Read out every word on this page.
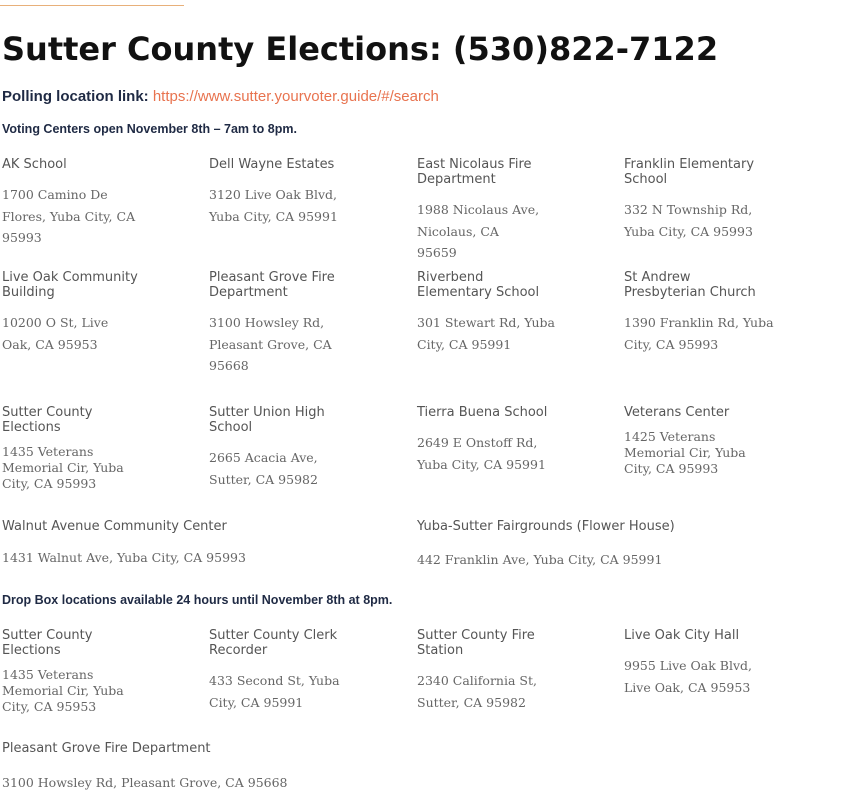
Sutter County Elections: (530)822-7122
Polling location link: https://www.sutter.yourvoter.guide/#/search
Voting Centers open November 8th – 7am to 8pm.

AK School

1700 Camino De Flores, Yuba City, CA 95993

Dell Wayne Estates

3120 Live Oak Blvd, Yuba City, CA 95991

East Nicolaus Fire Department

1988 Nicolaus Ave, Nicolaus, CA 95659

Franklin Elementary School

332 N Township Rd, Yuba City, CA 95993

Live Oak Community Building

10200 O St, Live Oak, CA 95953

Pleasant Grove Fire Department

3100 Howsley Rd, Pleasant Grove, CA 95668

Riverbend Elementary School

301 Stewart Rd, Yuba City, CA 95991

St Andrew Presbyterian Church

1390 Franklin Rd, Yuba City, CA 95993

Sutter County Elections

1435 Veterans Memorial Cir, Yuba City, CA 95993

Sutter Union High School

2665 Acacia Ave, Sutter, CA 95982

Tierra Buena School

2649 E Onstoff Rd, Yuba City, CA 95991

Veterans Center

1425 Veterans Memorial Cir, Yuba City, CA 95993

Walnut Avenue Community Center

1431 Walnut Ave, Yuba City, CA 95993

Yuba-Sutter Fairgrounds (Flower House)

442 Franklin Ave, Yuba City, CA 95991

Drop Box locations available 24 hours until November 8th at 8pm.

Sutter County Elections

1435 Veterans Memorial Cir, Yuba City, CA 95953

Sutter County Clerk Recorder

433 Second St, Yuba City, CA 95991

Sutter County Fire Station

2340 California St, Sutter, CA 95982

Live Oak City Hall

9955 Live Oak Blvd, Live Oak, CA 95953

Pleasant Grove Fire Department

3100 Howsley Rd, Pleasant Grove, CA 95668
